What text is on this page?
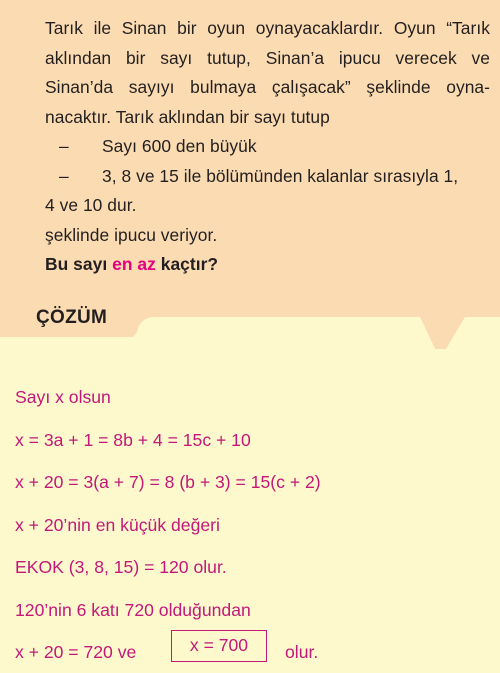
Tarık ile Sinan bir oyun oynayacaklardır. Oyun “Tarık
aklından bir sayı tutup, Sinan’a ipucu verecek ve
Sinan’da sayıyı bulmaya çalışacak” şeklinde oyna-
nacaktır. Tarık aklından bir sayı tutup
– Sayı 600 den büyük
– 3, 8 ve 15 ile bölümünden kalanlar sırasıyla 1,
4 ve 10 dur.
şeklinde ipucu veriyor.
Bu sayı en az kaçtır?
ÇÖZÜM
Sayı x olsun
x = 3a + 1 = 8b + 4 = 15c + 10
x + 20 = 3(a + 7) = 8 (b + 3) = 15(c + 2)
x + 20’nin en küçük değeri
EKOK (3, 8, 15) = 120 olur.
120’nin 6 katı 720 olduğundan
x + 20 = 720 ve	x = 700	olur.
